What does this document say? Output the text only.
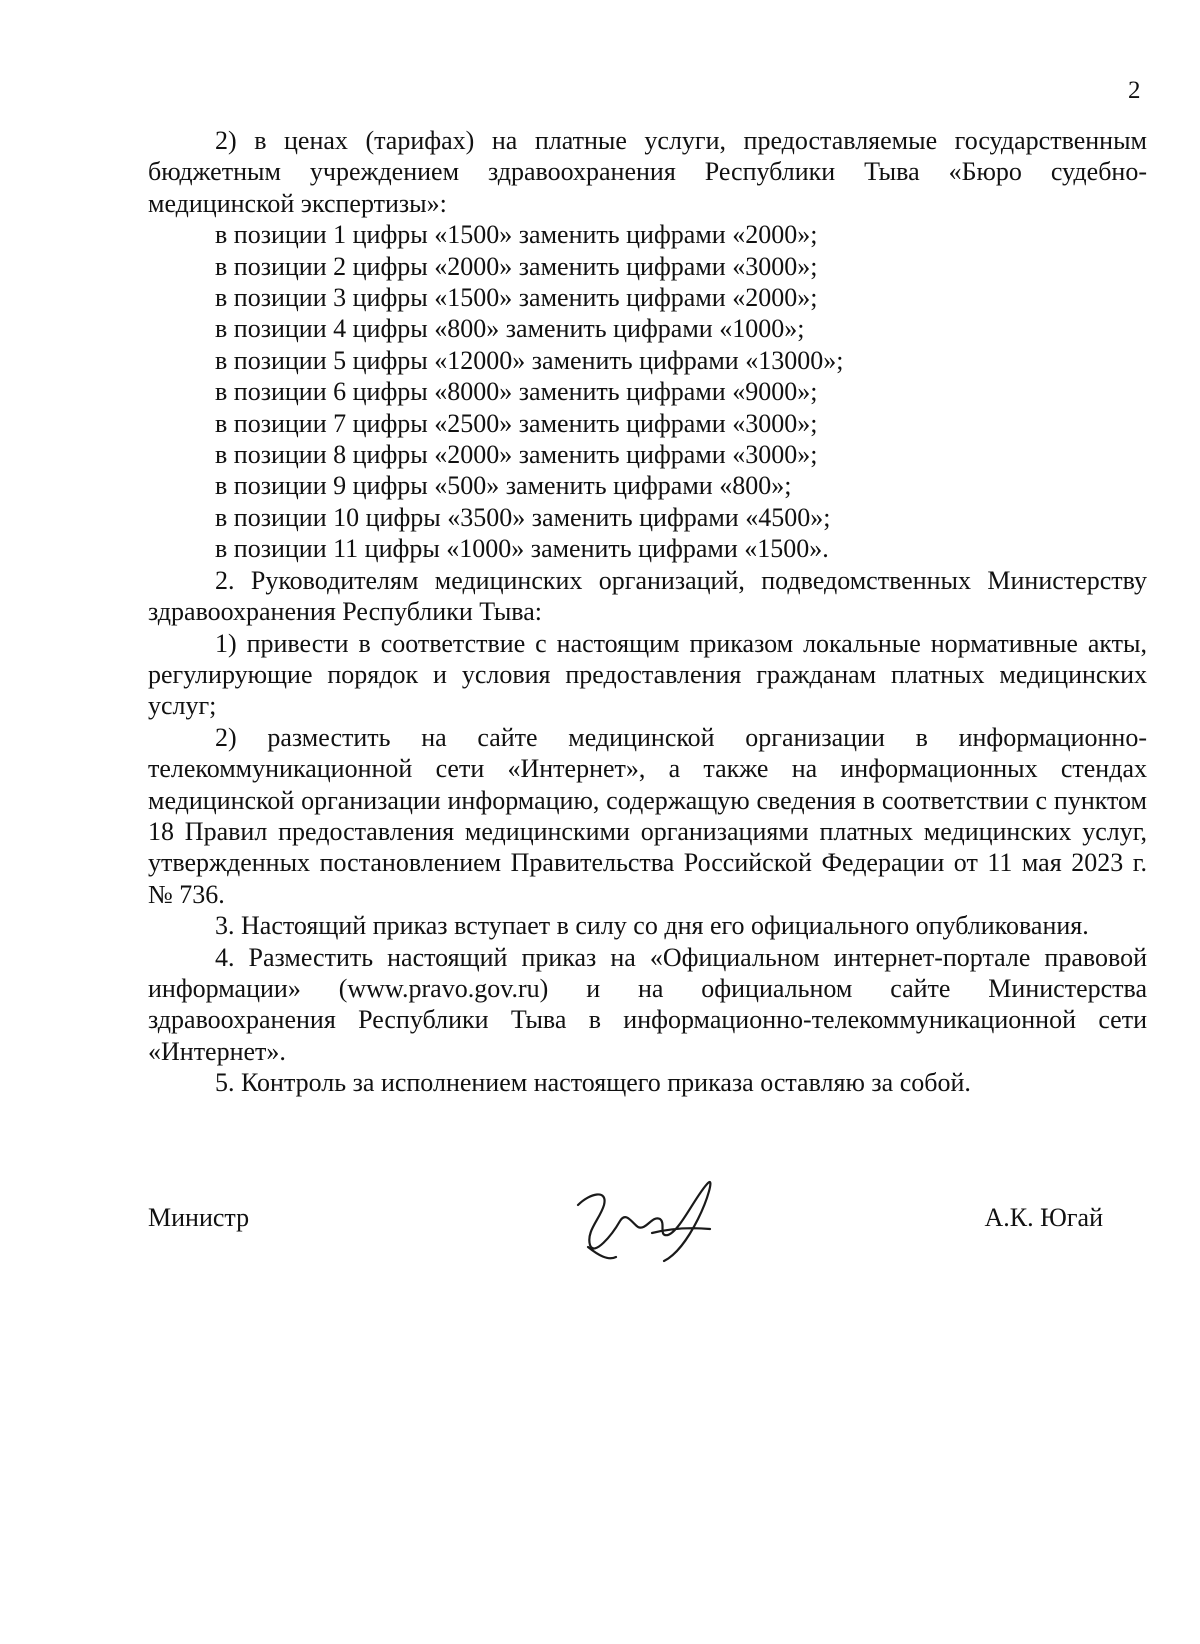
2

2) в ценах (тарифах) на платные услуги, предоставляемые государственным бюджетным учреждением здравоохранения Республики Тыва «Бюро судебно-медицинской экспертизы»:

в позиции 1 цифры «1500» заменить цифрами «2000»;

в позиции 2 цифры «2000» заменить цифрами «3000»;

в позиции 3 цифры «1500» заменить цифрами «2000»;

в позиции 4 цифры «800» заменить цифрами «1000»;

в позиции 5 цифры «12000» заменить цифрами «13000»;

в позиции 6 цифры «8000» заменить цифрами «9000»;

в позиции 7 цифры «2500» заменить цифрами «3000»;

в позиции 8 цифры «2000» заменить цифрами «3000»;

в позиции 9 цифры «500» заменить цифрами «800»;

в позиции 10 цифры «3500» заменить цифрами «4500»;

в позиции 11 цифры «1000» заменить цифрами «1500».

2. Руководителям медицинских организаций, подведомственных Министерству здравоохранения Республики Тыва:

1) привести в соответствие с настоящим приказом локальные нормативные акты, регулирующие порядок и условия предоставления гражданам платных медицинских услуг;

2) разместить на сайте медицинской организации в информационно-телекоммуникационной сети «Интернет», а также на информационных стендах медицинской организации информацию, содержащую сведения в соответствии с пунктом 18 Правил предоставления медицинскими организациями платных медицинских услуг, утвержденных постановлением Правительства Российской Федерации от 11 мая 2023 г. № 736.

3. Настоящий приказ вступает в силу со дня его официального опубликования.

4. Разместить настоящий приказ на «Официальном интернет-портале правовой информации» (www.pravo.gov.ru) и на официальном сайте Министерства здравоохранения Республики Тыва в информационно-телекоммуникационной сети «Интернет».

5. Контроль за исполнением настоящего приказа оставляю за собой.

Министр	А.К. Югай
